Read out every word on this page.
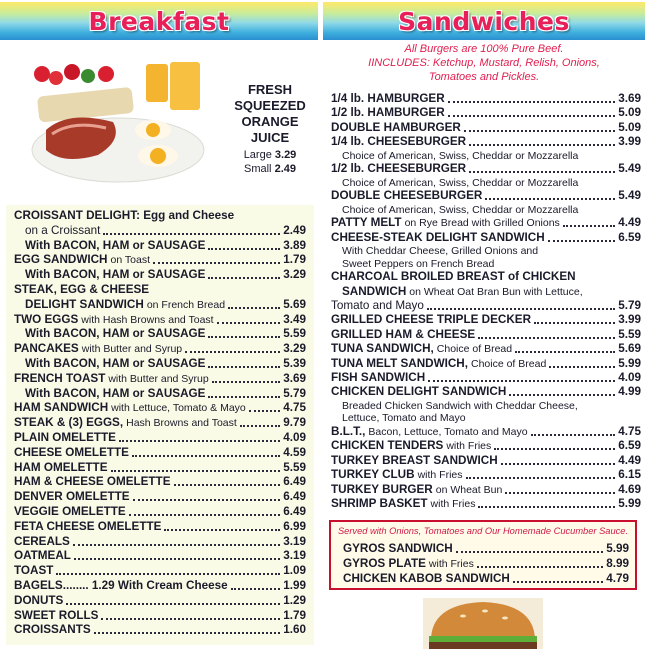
Breakfast
FRESH
SQUEEZED
ORANGE
JUICE
Large 3.29
Small 2.49
CROISSANT DELIGHT: Egg and Cheese
on a Croissant	2.49
With BACON, HAM or SAUSAGE	3.89
EGG SANDWICH on Toast	1.79
With BACON, HAM or SAUSAGE	3.29
STEAK, EGG & CHEESE
DELIGHT SANDWICH on French Bread	5.69
TWO EGGS with Hash Browns and Toast	3.49
With BACON, HAM or SAUSAGE	5.59
PANCAKES with Butter and Syrup	3.29
With BACON, HAM or SAUSAGE	5.39
FRENCH TOAST with Butter and Syrup	3.69
With BACON, HAM or SAUSAGE	5.79
HAM SANDWICH with Lettuce, Tomato & Mayo	4.75
STEAK & (3) EGGS, Hash Browns and Toast	9.79
PLAIN OMELETTE	4.09
CHEESE OMELETTE	4.59
HAM OMELETTE	5.59
HAM & CHEESE OMELETTE	6.49
DENVER OMELETTE	6.49
VEGGIE OMELETTE	6.49
FETA CHEESE OMELETTE	6.99
CEREALS	3.19
OATMEAL	3.19
TOAST	1.09
BAGELS........ 1.29 With Cream Cheese	1.99
DONUTS	1.29
SWEET ROLLS	1.79
CROISSANTS	1.60
Sandwiches
All Burgers are 100% Pure Beef.
IINCLUDES: Ketchup, Mustard, Relish, Onions,
Tomatoes and Pickles.
1/4 lb. HAMBURGER	3.69
1/2 lb. HAMBURGER	5.09
DOUBLE HAMBURGER	5.09
1/4 lb. CHEESEBURGER	3.99
Choice of American, Swiss, Cheddar or Mozzarella
1/2 lb. CHEESEBURGER	5.49
Choice of American, Swiss, Cheddar or Mozzarella
DOUBLE CHEESEBURGER	5.49
Choice of American, Swiss, Cheddar or Mozzarella
PATTY MELT on Rye Bread with Grilled Onions	4.49
CHEESE-STEAK DELIGHT SANDWICH	6.59
With Cheddar Cheese, Grilled Onions and
Sweet Peppers on French Bread
CHARCOAL BROILED BREAST of CHICKEN
SANDWICH on Wheat Oat Bran Bun with Lettuce,
Tomato and Mayo	5.79
GRILLED CHEESE TRIPLE DECKER	3.99
GRILLED HAM & CHEESE	5.59
TUNA SANDWICH, Choice of Bread	5.69
TUNA MELT SANDWICH, Choice of Bread	5.99
FISH SANDWICH	4.09
CHICKEN DELIGHT SANDWICH	4.99
Breaded Chicken Sandwich with Cheddar Cheese,
Lettuce, Tomato and Mayo
B.L.T., Bacon, Lettuce, Tomato and Mayo	4.75
CHICKEN TENDERS with Fries	6.59
TURKEY BREAST SANDWICH	4.49
TURKEY CLUB with Fries	6.15
TURKEY BURGER on Wheat Bun	4.69
SHRIMP BASKET with Fries	5.99
Served with Onions, Tomatoes and Our Homemade Cucumber Sauce.
GYROS SANDWICH	5.99
GYROS PLATE with Fries	8.99
CHICKEN KABOB SANDWICH	4.79
